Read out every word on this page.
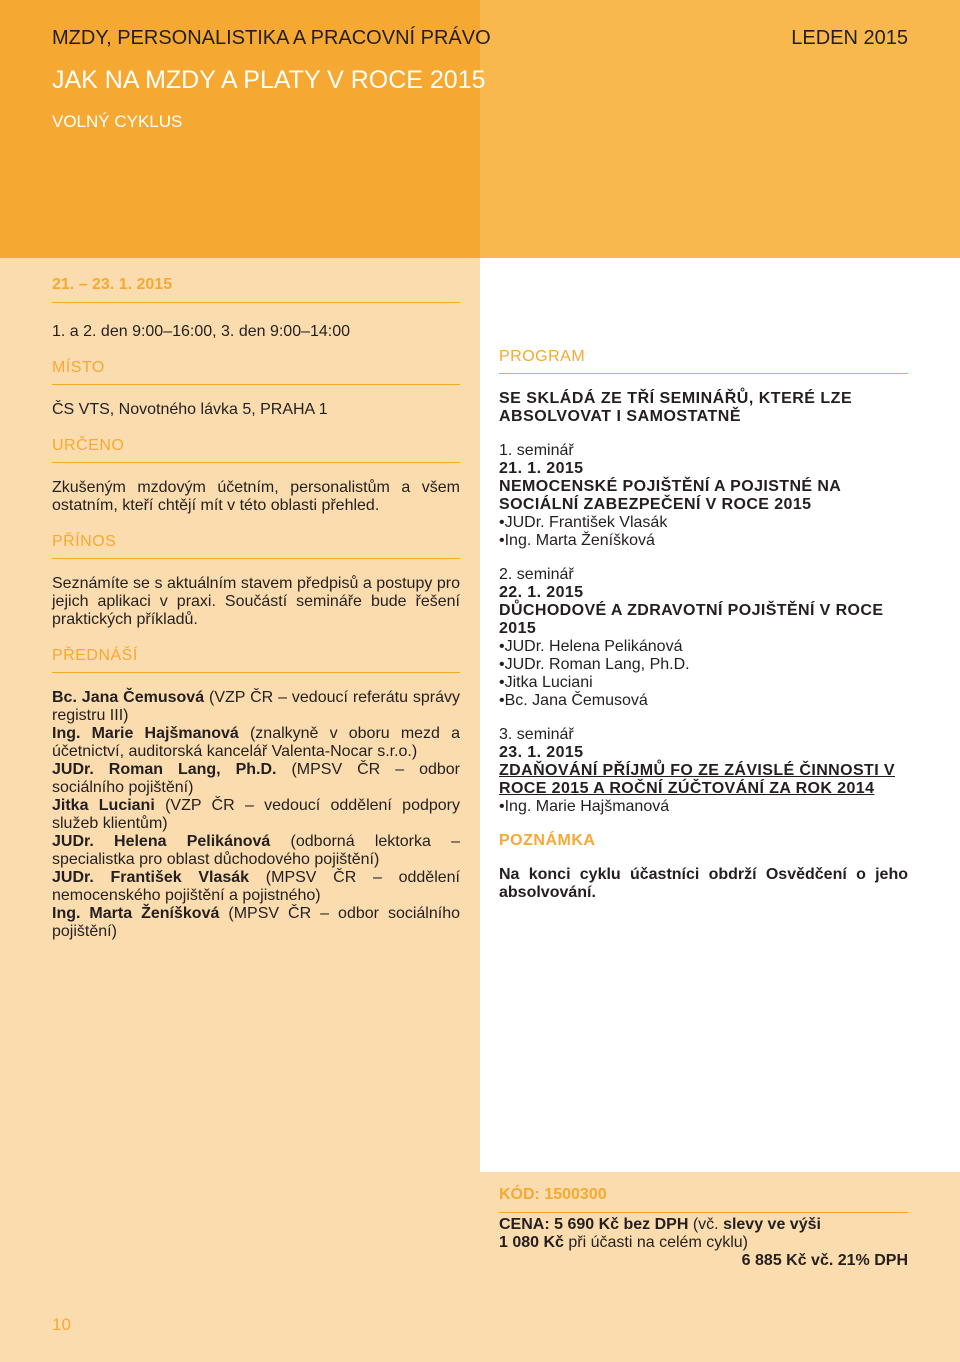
MZDY, PERSONALISTIKA A PRACOVNÍ PRÁVO	LEDEN 2015
JAK NA MZDY A PLATY V ROCE 2015
VOLNÝ CYKLUS
21. – 23. 1. 2015
1. a 2. den 9:00–16:00, 3. den 9:00–14:00
MÍSTO
ČS VTS, Novotného lávka 5, PRAHA 1
URČENO
Zkušeným mzdovým účetním, personalistům a všem ostatním, kteří chtějí mít v této oblasti přehled.
PŘÍNOS
Seznámíte se s aktuálním stavem předpisů a postupy pro jejich aplikaci v praxi. Součástí semináře bude řešení praktických příkladů.
PŘEDNÁŠÍ

Bc. Jana Čemusová (VZP ČR – vedoucí referátu správy registru III)

Ing. Marie Hajšmanová (znalkyně v oboru mezd a účetnictví, auditorská kancelář Valenta-Nocar s.r.o.)

JUDr. Roman Lang, Ph.D. (MPSV ČR – odbor sociálního pojištění)

Jitka Luciani (VZP ČR – vedoucí oddělení podpory služeb klientům)

JUDr. Helena Pelikánová (odborná lektorka – specialistka pro oblast důchodového pojištění)

JUDr. František Vlasák (MPSV ČR – oddělení nemocenského pojištění a pojistného)

Ing. Marta Ženíšková (MPSV ČR – odbor sociálního pojištění)

PROGRAM
SE SKLÁDÁ ZE TŘÍ SEMINÁŘŮ, KTERÉ LZE ABSOLVOVAT I SAMOSTATNĚ
1. seminář
21. 1. 2015
NEMOCENSKÉ POJIŠTĚNÍ A POJISTNÉ NA SOCIÁLNÍ ZABEZPEČENÍ V ROCE 2015
• JUDr. František Vlasák
• Ing. Marta Ženíšková
2. seminář
22. 1. 2015
DŮCHODOVÉ A ZDRAVOTNÍ POJIŠTĚNÍ V ROCE 2015
• JUDr. Helena Pelikánová
• JUDr. Roman Lang, Ph.D.
• Jitka Luciani
• Bc. Jana Čemusová
3. seminář
23. 1. 2015
ZDAŇOVÁNÍ PŘÍJMŮ FO ZE ZÁVISLÉ ČINNOSTI V ROCE 2015 A ROČNÍ ZÚČTOVÁNÍ ZA ROK 2014
• Ing. Marie Hajšmanová
POZNÁMKA
Na konci cyklu účastníci obdrží Osvědčení o jeho absolvování.
KÓD: 1500300
CENA: 5 690 Kč bez DPH (vč. slevy ve výši
1 080 Kč při účasti na celém cyklu)
6 885 Kč vč. 21% DPH
10
